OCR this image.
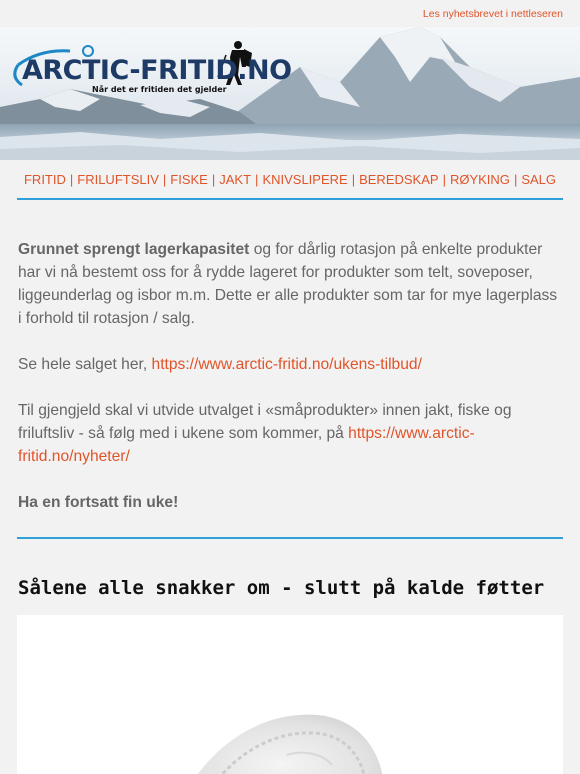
Les nyhetsbrevet i nettleseren
ARCTIC-FRITID.NO
Når det er fritiden det gjelder
FRITID | FRILUFTSLIV | FISKE | JAKT | KNIVSLIPERE | BEREDSKAP | RØYKING | SALG

Grunnet sprengt lagerkapasitet og for dårlig rotasjon på enkelte produkter har vi nå bestemt oss for å rydde lageret for produkter som telt, soveposer, liggeunderlag og isbor m.m. Dette er alle produkter som tar for mye lagerplass i forhold til rotasjon / salg.

Se hele salget her, https://www.arctic-fritid.no/ukens-tilbud/

Til gjengjeld skal vi utvide utvalget i «småprodukter» innen jakt, fiske og friluftsliv - så følg med i ukene som kommer, på https://www.arctic-fritid.no/nyheter/

Ha en fortsatt fin uke!

Sålene alle snakker om - slutt på kalde føtter
